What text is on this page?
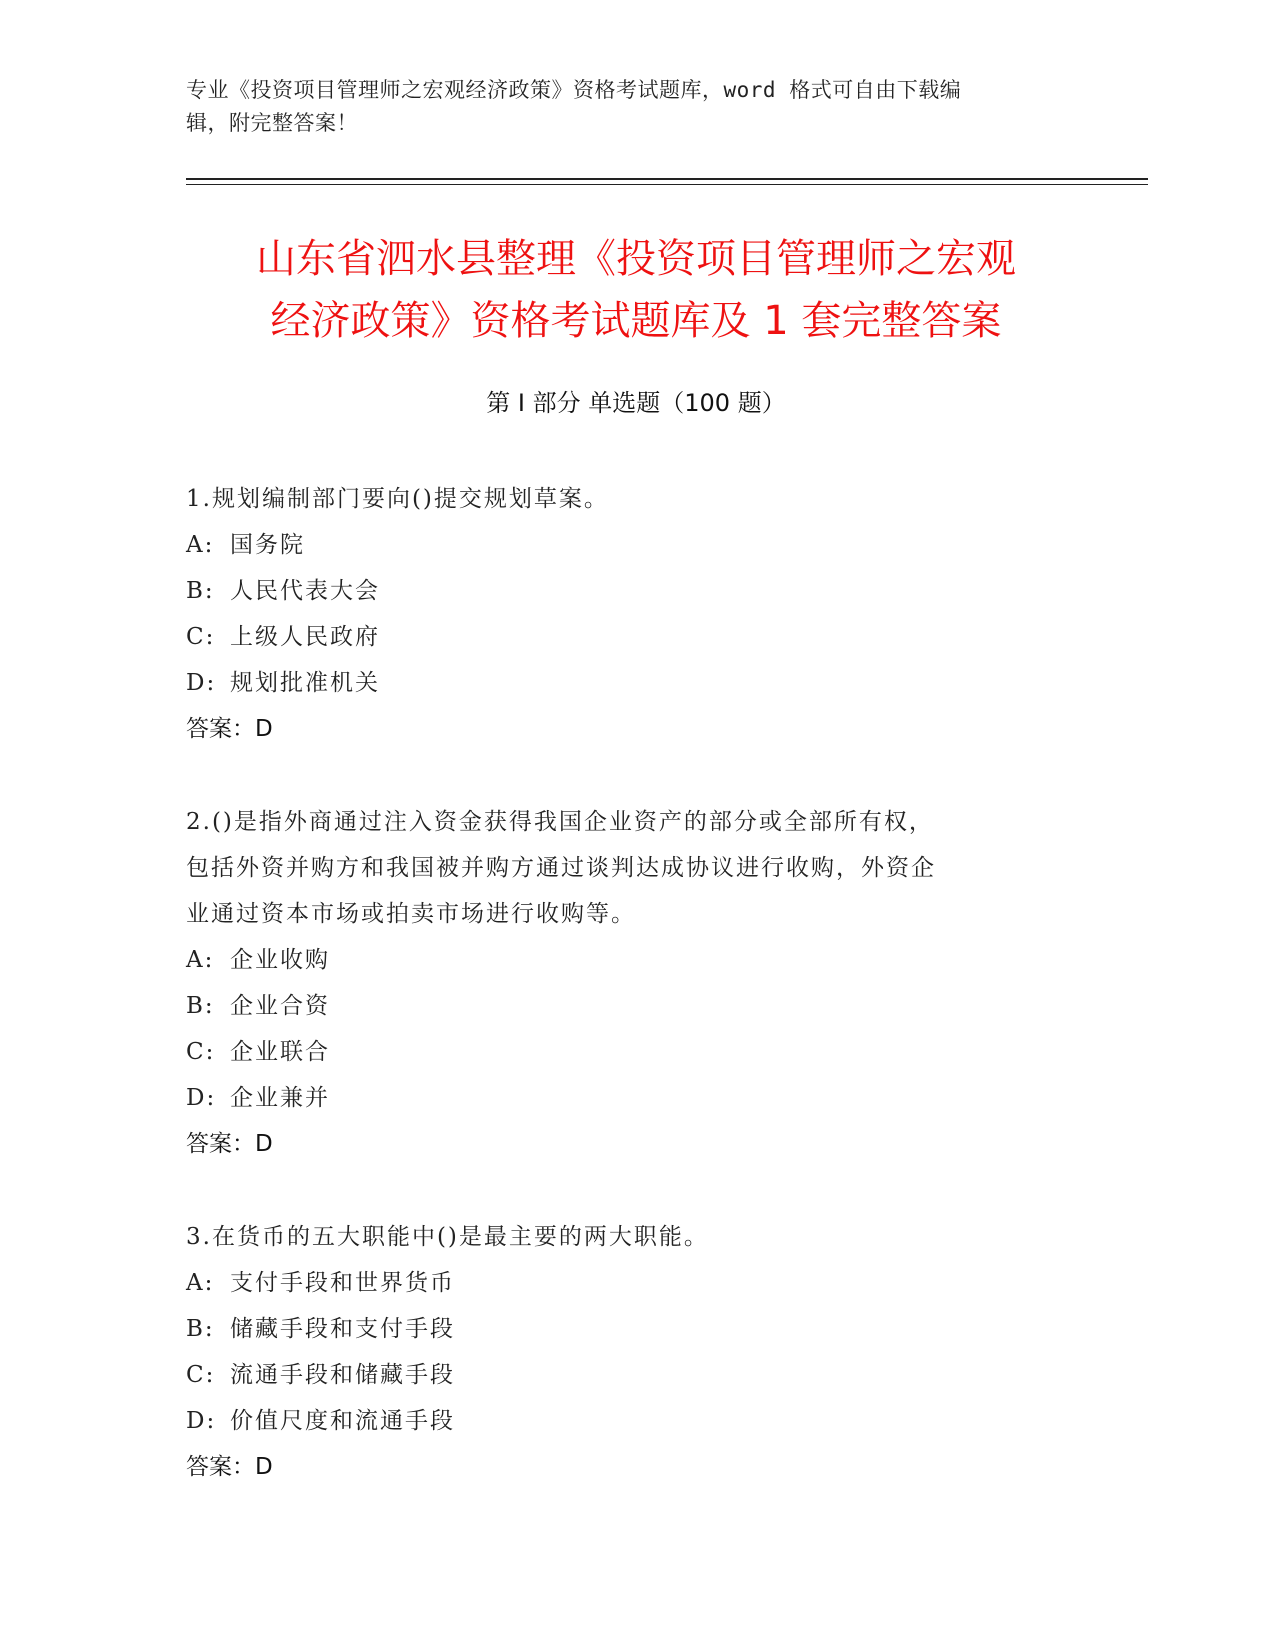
专业《投资项目管理师之宏观经济政策》资格考试题库，word 格式可自由下载编
辑，附完整答案！
山东省泗水县整理《投资项目管理师之宏观
经济政策》资格考试题库及 1 套完整答案
第 I 部分 单选题（100 题）
1.规划编制部门要向()提交规划草案。
A: 国务院
B: 人民代表大会
C: 上级人民政府
D: 规划批准机关
答案：D
2.()是指外商通过注入资金获得我国企业资产的部分或全部所有权，
包括外资并购方和我国被并购方通过谈判达成协议进行收购，外资企
业通过资本市场或拍卖市场进行收购等。
A: 企业收购
B: 企业合资
C: 企业联合
D: 企业兼并
答案：D
3.在货币的五大职能中()是最主要的两大职能。
A: 支付手段和世界货币
B: 储藏手段和支付手段
C: 流通手段和储藏手段
D: 价值尺度和流通手段
答案：D
